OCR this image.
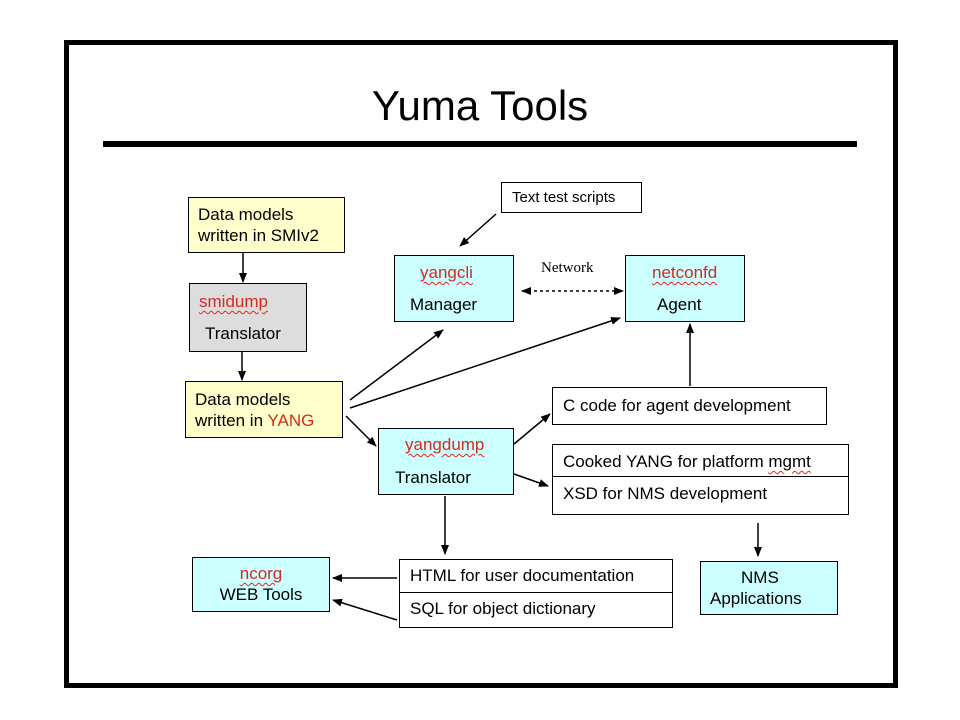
Yuma Tools
Data models
written in SMIv2
smidump
Translator
Data models
written in YANG
Text test scripts
yangcli
Manager
Network	netconfd
Agent
C code for agent development
yangdump
Translator
Cooked YANG for platform mgmt
XSD for NMS development
ncorg
WEB Tools
HTML for user documentation
SQL for object dictionary
NMS
Applications
